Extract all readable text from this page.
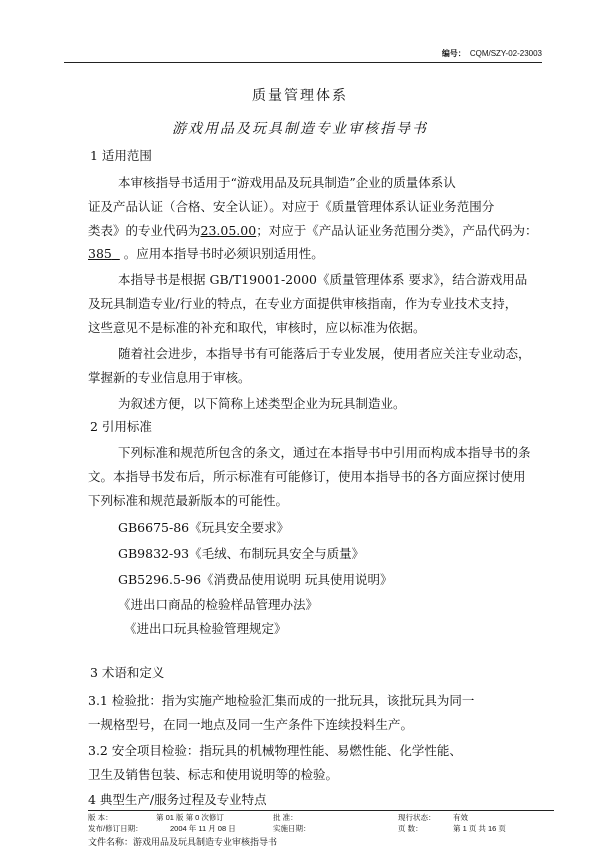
编号： CQM/SZY-02-23003
质量管理体系
游戏用品及玩具制造专业审核指导书
1 适用范围
本审核指导书适用于“游戏用品及玩具制造”企业的质量体系认
证及产品认证（合格、安全认证）。对应于《质量管理体系认证业务范围分
类表》的专业代码为23.05.00；对应于《产品认证业务范围分类》，产品代码为：
385   。应用本指导书时必须识别适用性。
本指导书是根据 GB/T19001-2000《质量管理体系 要求》，结合游戏用品
及玩具制造专业/行业的特点，在专业方面提供审核指南，作为专业技术支持，
这些意见不是标准的补充和取代，审核时，应以标准为依据。
随着社会进步，本指导书有可能落后于专业发展，使用者应关注专业动态，
掌握新的专业信息用于审核。
为叙述方便，以下简称上述类型企业为玩具制造业。
2 引用标准
下列标准和规范所包含的条文，通过在本指导书中引用而构成本指导书的条
文。本指导书发布后，所示标准有可能修订，使用本指导书的各方面应探讨使用
下列标准和规范最新版本的可能性。
GB6675-86《玩具安全要求》
GB9832-93《毛绒、布制玩具安全与质量》
GB5296.5-96《消费品使用说明 玩具使用说明》
《进出口商品的检验样品管理办法》
《进出口玩具检验管理规定》
3 术语和定义
3.1 检验批：指为实施产地检验汇集而成的一批玩具，该批玩具为同一
一规格型号，在同一地点及同一生产条件下连续投料生产。
3.2 安全项目检验：指玩具的机械物理性能、易燃性能、化学性能、
卫生及销售包装、标志和使用说明等的检验。
4 典型生产/服务过程及专业特点
版 本：	第 01 版 第 0 次修订	批 准：	现行状态： 有效
发布/修订日期：	2004 年 11 月 08 日	实施日期：	页 数：	第 1 页 共 16 页
文件名称：游戏用品及玩具制造专业审核指导书
